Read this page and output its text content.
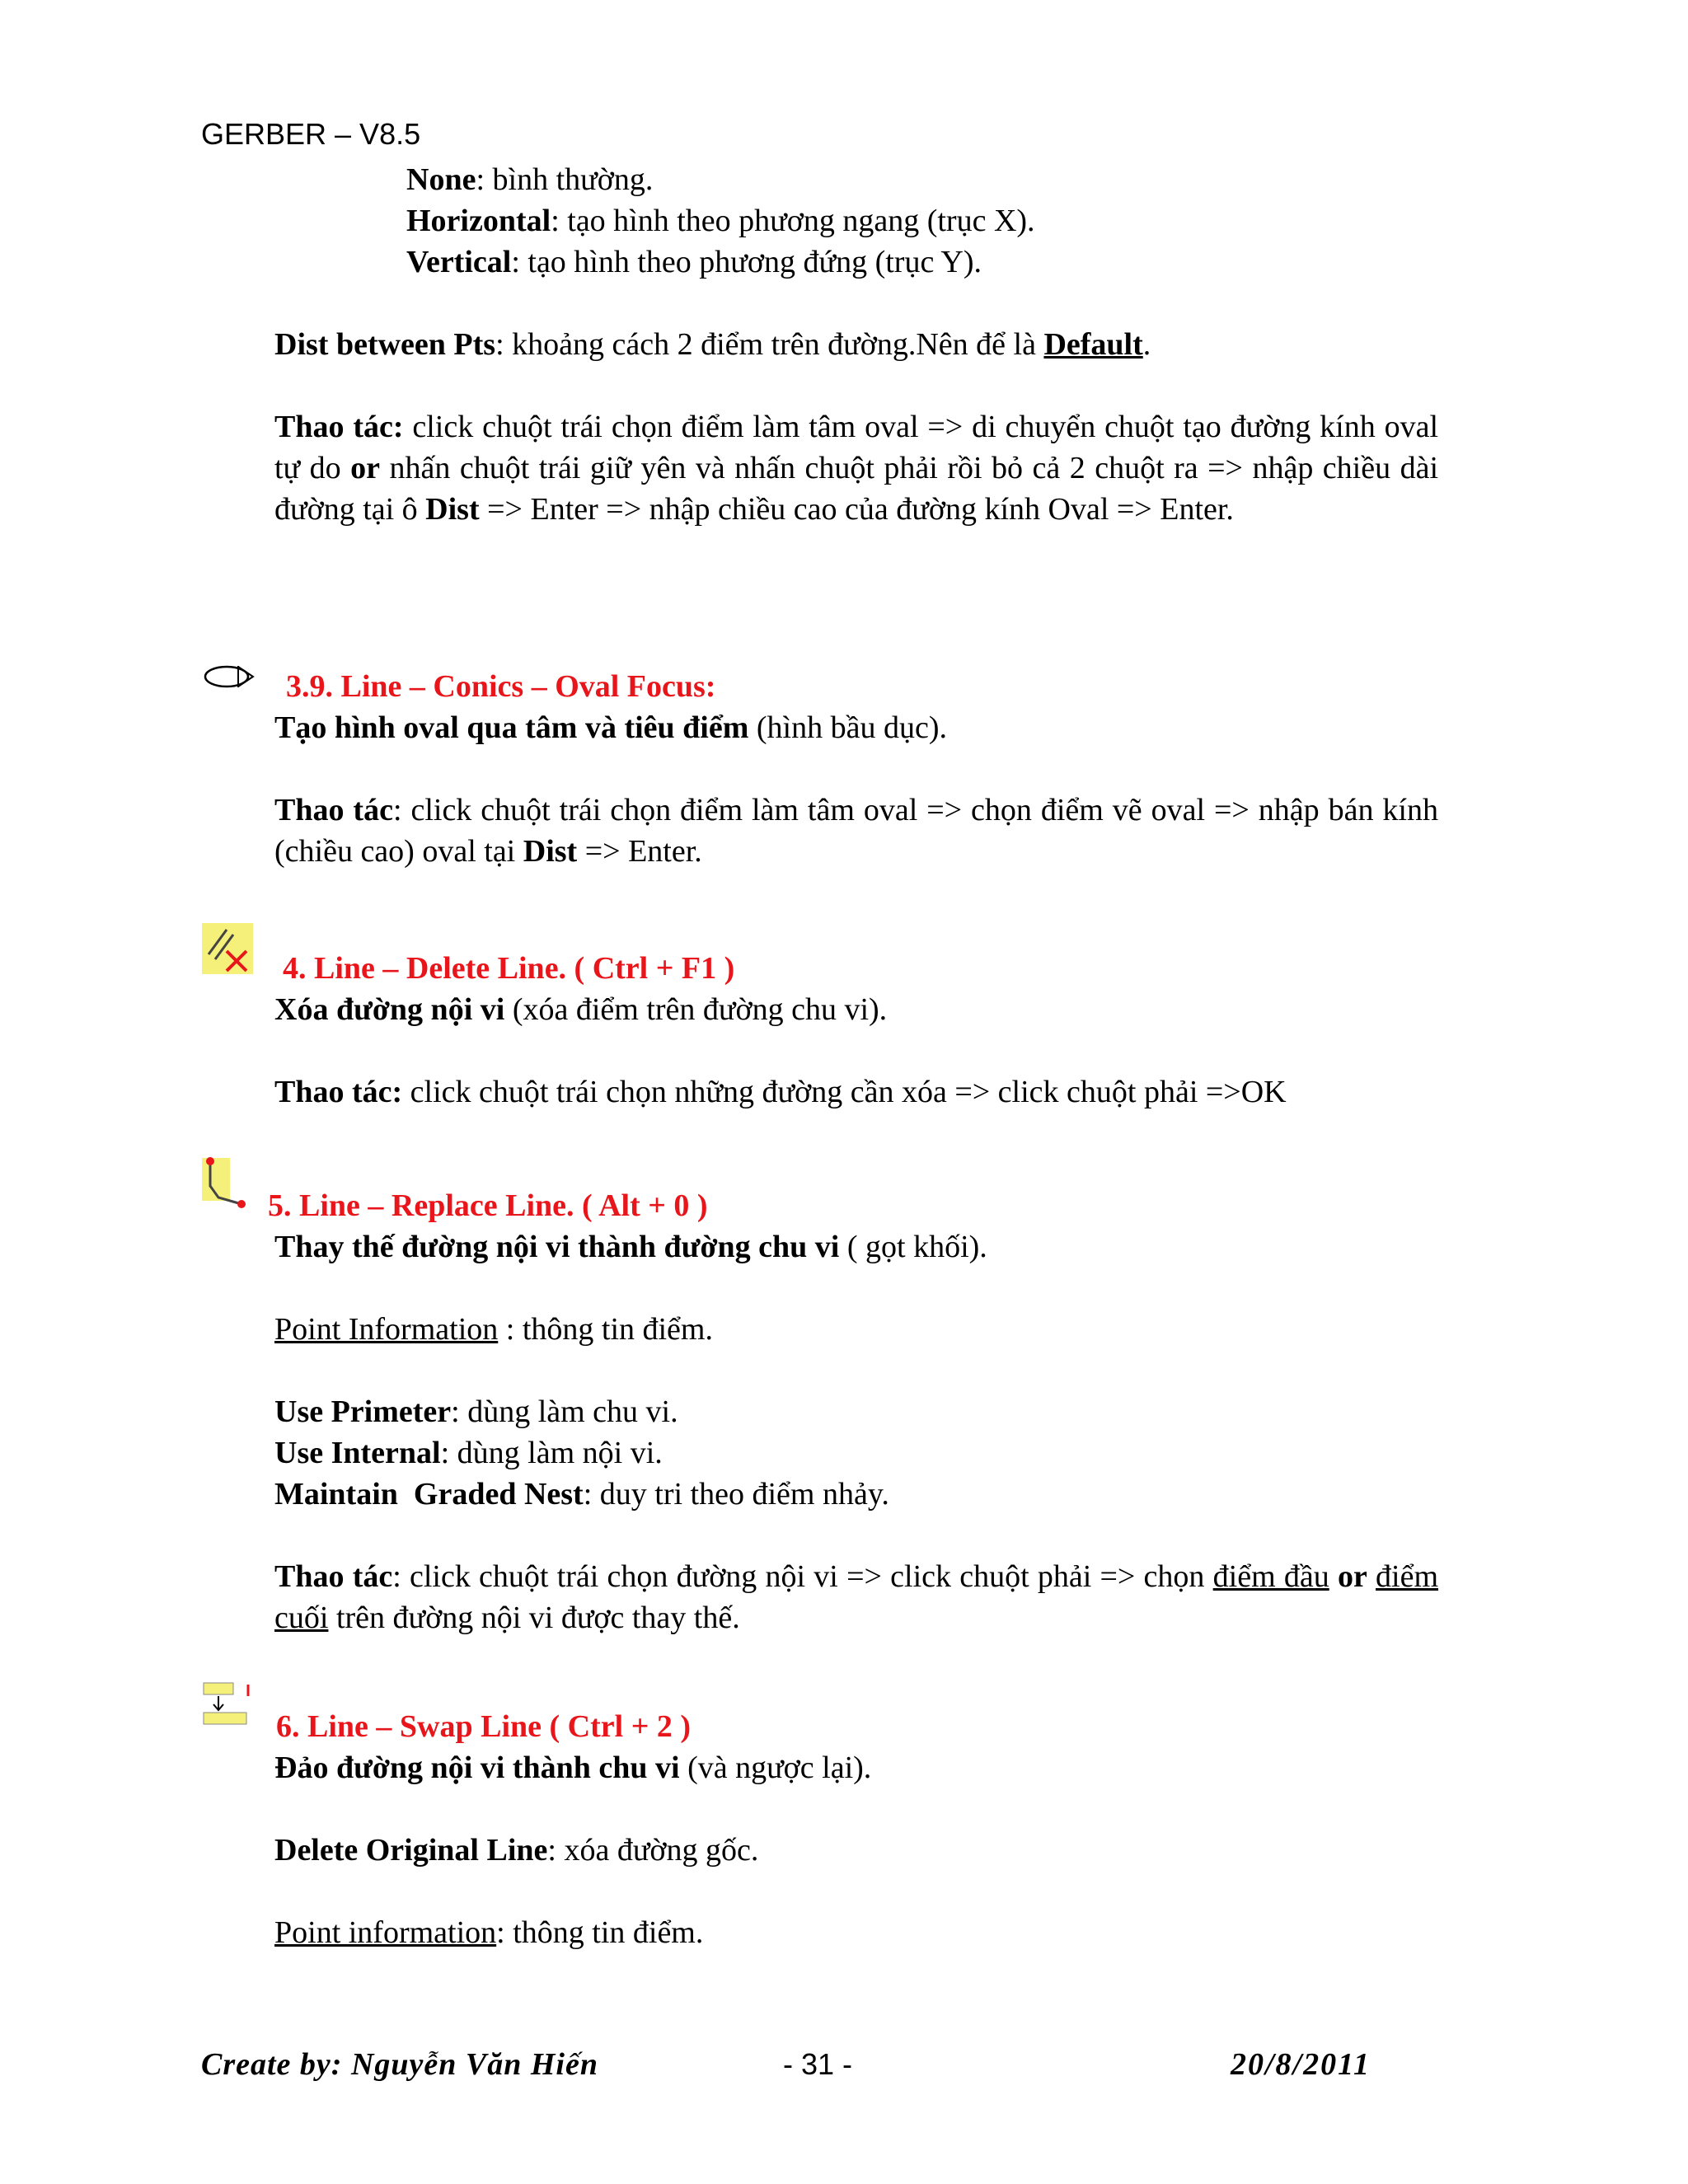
GERBER – V8.5
None: bình thường.
Horizontal: tạo hình theo phương ngang (trục X).
Vertical: tạo hình theo phương đứng (trục Y).
Dist between Pts: khoảng cách 2 điểm trên đường.Nên để là Default.
Thao tác: click chuột trái chọn điểm làm tâm oval => di chuyển chuột tạo đường kính oval tự do or nhấn chuột trái giữ yên và nhấn chuột phải rồi bỏ cả 2 chuột ra => nhập chiều dài đường tại ô Dist => Enter => nhập chiều cao của đường kính Oval => Enter.
3.9. Line – Conics – Oval Focus:
Tạo hình oval qua tâm và tiêu điểm (hình bầu dục).
Thao tác: click chuột trái chọn điểm làm tâm oval => chọn điểm vẽ oval => nhập bán kính (chiều cao) oval tại Dist => Enter.
4. Line – Delete Line. ( Ctrl + F1 )
Xóa đường nội vi (xóa điểm trên đường chu vi).
Thao tác: click chuột trái chọn những đường cần xóa => click chuột phải =>OK
5. Line – Replace Line. ( Alt + 0 )
Thay thế đường nội vi thành đường chu vi ( gọt khối).
Point Information : thông tin điểm.
Use Primeter: dùng làm chu vi.
Use Internal: dùng làm nội vi.
Maintain  Graded Nest: duy tri theo điểm nhảy.
Thao tác: click chuột trái chọn đường nội vi => click chuột phải => chọn điểm đầu or điểm cuối trên đường nội vi được thay thế.
6. Line – Swap Line ( Ctrl + 2 )
Đảo đường nội vi thành chu vi (và ngược lại).
Delete Original Line: xóa đường gốc.
Point information: thông tin điểm.
Create by: Nguyễn Văn Hiến	- 31 -	20/8/2011
